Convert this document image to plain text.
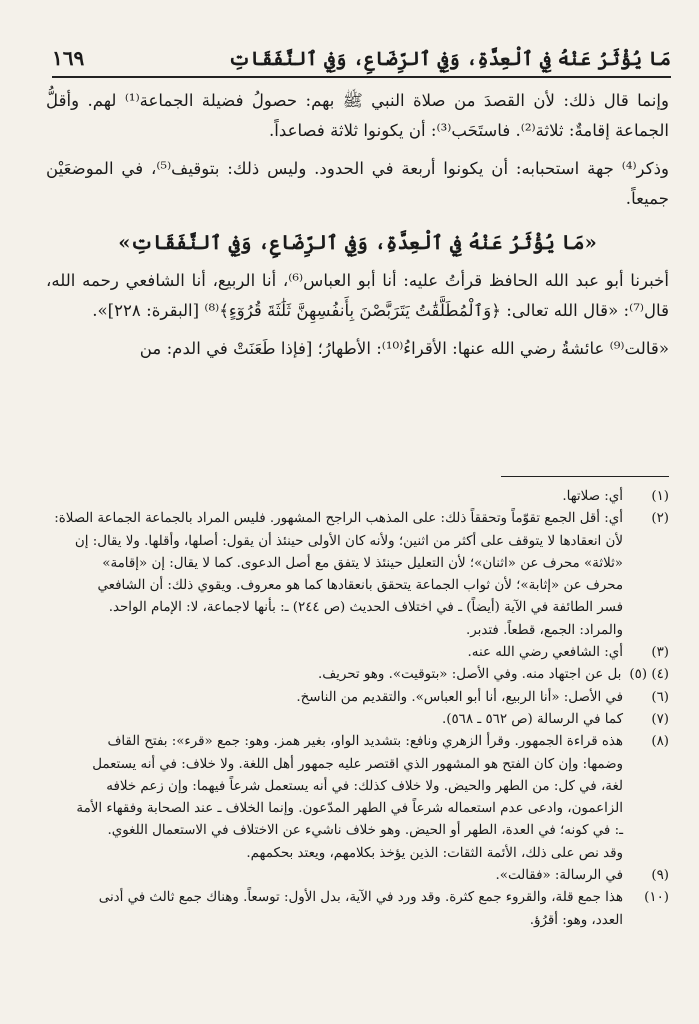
١٦٩	مَا يُؤْثَرُ عَنْهُ فِي ٱلْعِدَّةِ، وَفِي ٱلرِّضَاعِ، وَفِي ٱلنَّفَقَاتِ

وإنما قال ذلك: لأن القصدَ من صلاة النبي ﷺ بهم: حصولُ فضيلة الجماعة⁽¹⁾ لهم. وأقلُّ الجماعة إقامةٌ: ثلاثة⁽²⁾. فاستَحَب⁽³⁾: أن يكونوا ثلاثة فصاعداً.

وذكر⁽⁴⁾ جهة استحبابه: أن يكونوا أربعة في الحدود. وليس ذلك: بتوقيف⁽⁵⁾، في الموضعَيْن جميعاً.

«مَا يُؤْثَرُ عَنْهُ فِي ٱلْعِدَّةِ، وَفِي ٱلرِّضَاعِ، وَفِي ٱلنَّفَقَاتِ»

أخبرنا أبو عبد الله الحافظ قرأتُ عليه: أنا أبو العباس⁽⁶⁾، أنا الربيع، أنا الشافعي رحمه الله، قال⁽⁷⁾: «قال الله تعالى: ﴿وَٱلْمُطَلَّقَٰتُ يَتَرَبَّصْنَ بِأَنفُسِهِنَّ ثَلَٰثَةَ قُرُوٓءٍ﴾⁽⁸⁾ [البقرة: ٢٢٨]».

«قالت⁽⁹⁾ عائشةُ رضي الله عنها: الأقراءُ⁽¹⁰⁾: الأطهارُ؛ [فإذا طَعَنَتْ في الدم: من

(١)
أي: صلاتها.
(٢)
أي: أقل الجمع تقوّماً وتحققاً ذلك: على المذهب الراجح المشهور. فليس المراد بالجماعة الجماعة الصلاة:
لأن انعقادها لا يتوقف على أكثر من اثنين؛ ولأنه كان الأولى حينئذ أن يقول: أصلها، وأقلها. ولا يقال: إن
«ثلاثة» محرف عن «اثنان»؛ لأن التعليل حينئذ لا يتفق مع أصل الدعوى. كما لا يقال: إن «إقامة»
محرف عن «إثابة»؛ لأن ثواب الجماعة يتحقق بانعقادها كما هو معروف. ويقوي ذلك: أن الشافعي
فسر الطائفة في الآية (أيضاً) ـ في اختلاف الحديث (ص ٢٤٤) ـ: بأنها لاجماعة، لا: الإمام الواحد.
والمراد: الجمع، قطعاً. فتدبر.
(٣)
أي: الشافعي رضي الله عنه.
(٤) (٥)
بل عن اجتهاد منه. وفي الأصل: «بتوقيت». وهو تحريف.
(٦)
في الأصل: «أنا الربيع، أنا أبو العباس». والتقديم من الناسخ.
(٧)
كما في الرسالة (ص ٥٦٢ ـ ٥٦٨).
(٨)
هذه قراءة الجمهور. وقرأ الزهري ونافع: بتشديد الواو، بغير همز. وهو: جمع «قرء»: بفتح القاف
وضمها: وإن كان الفتح هو المشهور الذي اقتصر عليه جمهور أهل اللغة. ولا خلاف: في أنه يستعمل
لغة، في كل: من الطهر والحيض. ولا خلاف كذلك: في أنه يستعمل شرعاً فيهما: وإن زعم خلافه
الزاعمون، وادعى عدم استعماله شرعاً في الطهر المدّعون. وإنما الخلاف ـ عند الصحابة وفقهاء الأمة
ـ: في كونه؛ في العدة، الطهر أو الحيض. وهو خلاف ناشيء عن الاختلاف في الاستعمال اللغوي.
وقد نص على ذلك، الأئمة الثقات: الذين يؤخذ بكلامهم، ويعتد بحكمهم.
(٩)
في الرسالة: «فقالت».
(١٠)
هذا جمع قلة، والقروء جمع كثرة. وقد ورد في الآية، بدل الأول: توسعاً. وهناك جمع ثالث في أدنى
العدد، وهو: أقرُؤ.
